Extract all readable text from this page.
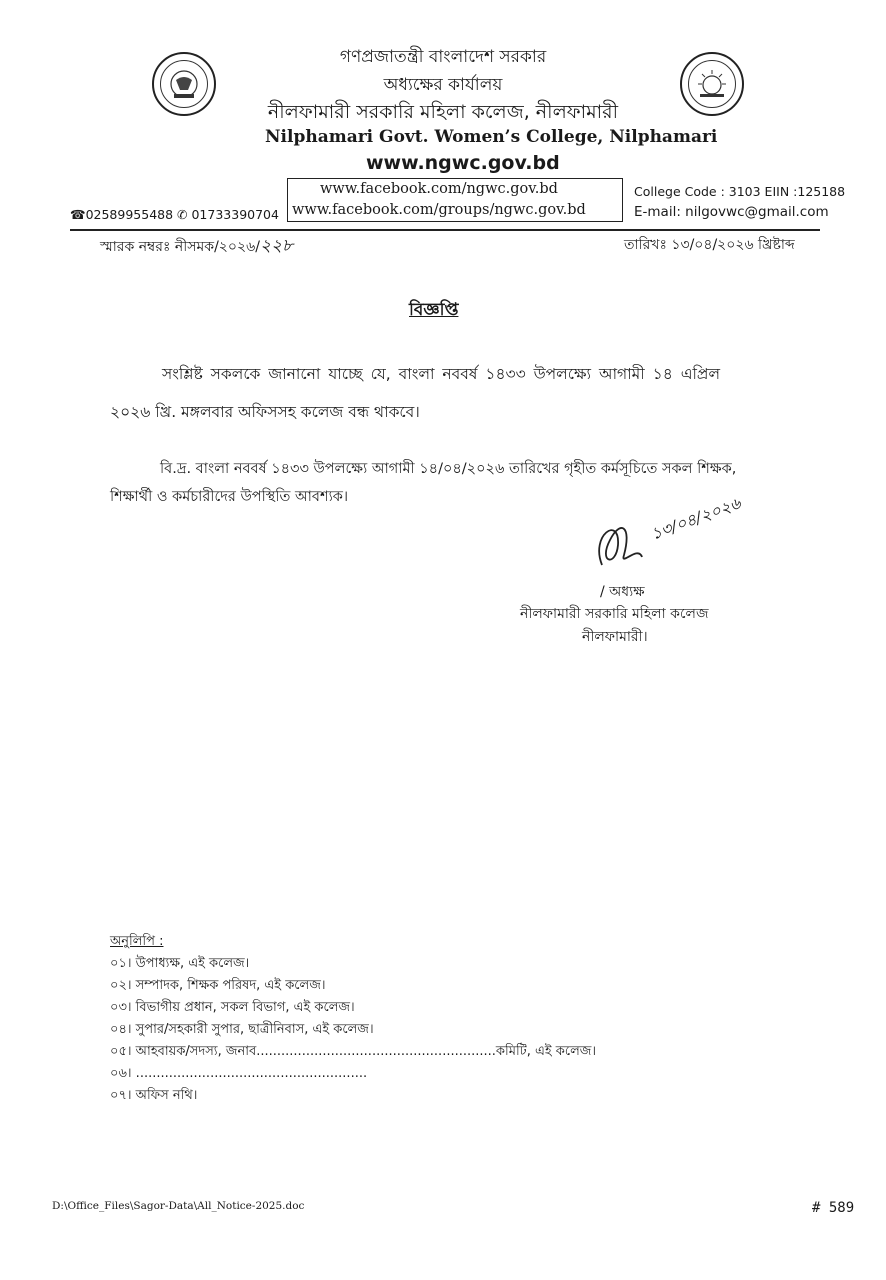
গণপ্রজাতন্ত্রী বাংলাদেশ সরকার
অধ্যক্ষের কার্যালয়
নীলফামারী সরকারি মহিলা কলেজ, নীলফামারী
Nilphamari Govt. Women’s College, Nilphamari
www.ngwc.gov.bd
www.facebook.com/ngwc.gov.bd
www.facebook.com/groups/ngwc.gov.bd
☎02589955488 ✆ 01733390704
College Code : 3103 EIIN :125188
E-mail: nilgovwc@gmail.com
স্মারক নম্বরঃ নীসমক/২০২৬/২২৮	তারিখঃ ১৩/০৪/২০২৬ খ্রিষ্টাব্দ
বিজ্ঞপ্তি
সংশ্লিষ্ট সকলকে জানানো যাচ্ছে যে, বাংলা নববর্ষ ১৪৩৩ উপলক্ষ্যে আগামী ১৪ এপ্রিল
২০২৬ খ্রি. মঙ্গলবার অফিসসহ কলেজ বন্ধ থাকবে।
বি.দ্র. বাংলা নববর্ষ ১৪৩৩ উপলক্ষ্যে আগামী ১৪/০৪/২০২৬ তারিখের গৃহীত কর্মসূচিতে সকল শিক্ষক,
শিক্ষার্থী ও কর্মচারীদের উপস্থিতি আবশ্যক।	১৩/০৪/২০২৬
/ অধ্যক্ষ
নীলফামারী সরকারি মহিলা কলেজ
নীলফামারী।
অনুলিপি :
০১। উপাধ্যক্ষ, এই কলেজ।
০২। সম্পাদক, শিক্ষক পরিষদ, এই কলেজ।
০৩। বিভাগীয় প্রধান, সকল বিভাগ, এই কলেজ।
০৪। সুপার/সহকারী সুপার, ছাত্রীনিবাস, এই কলেজ।
০৫। আহবায়ক/সদস্য, জনাব..........................................................কমিটি, এই কলেজ।
০৬। ........................................................
০৭। অফিস নথি।
D:\Office_Files\Sagor-Data\All_Notice-2025.doc	# 589
